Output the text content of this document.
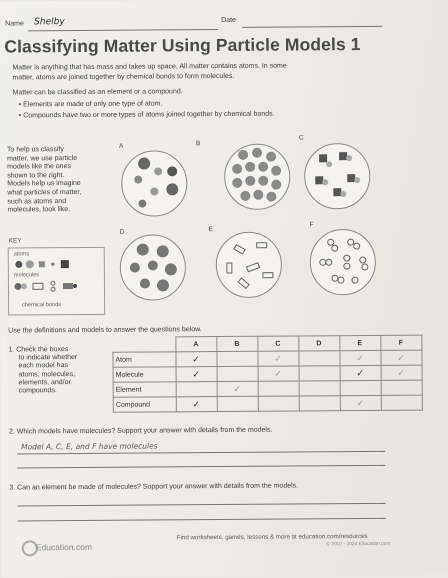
Name Shelby	Date
Classifying Matter Using Particle Models 1
Matter is anything that has mass and takes up space. All matter contains atoms. In some
matter, atoms are joined together by chemical bonds to form molecules.
Matter can be classified as an element or a compound.
• Elements are made of only one type of atom.
• Compounds have two or more types of atoms joined together by chemical bonds.
To help us classify
matter, we use particle
models like the ones
shown to the right.
Models help us imagine
what particles of matter,
such as atoms and
molecules, look like.
KEY
atoms
molecules
chemical bonds
A	B
C
D	E
F
Use the definitions and models to answer the questions below.
1. Check the boxes
to indicate whether
each model has
atoms, molecules,
elements, and/or
compounds.
	A	B	C	D	E	F
Atom	✓		✓		✓	✓
Molecule	✓		✓		✓	✓
Element		✓				
Compound	✓				✓	
2. Which models have molecules? Support your answer with details from the models.
Model A, C, E, and F have molecules
3. Can an element be made of molecules? Support your answer with details from the models.
Education.com
Find worksheets, games, lessons & more at education.com/resources
© 2007 - 2024 Education.com
